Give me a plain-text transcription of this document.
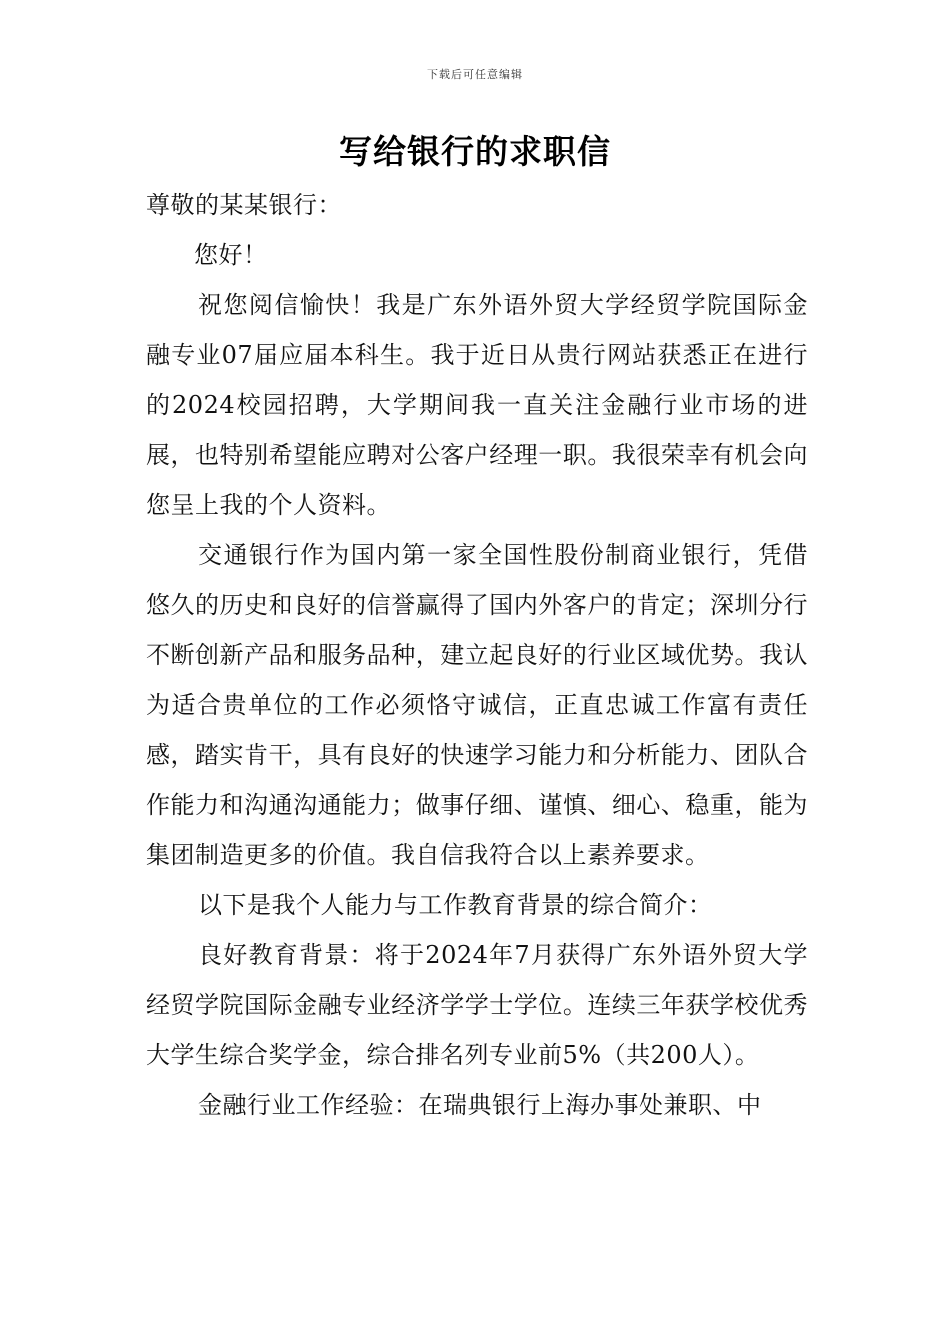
下载后可任意编辑
写给银行的求职信

尊敬的某某银行：

您好！

祝您阅信愉快！我是广东外语外贸大学经贸学院国际金融专业07届应届本科生。我于近日从贵行网站获悉正在进行的2024校园招聘，大学期间我一直关注金融行业市场的进展，也特别希望能应聘对公客户经理一职。我很荣幸有机会向您呈上我的个人资料。

交通银行作为国内第一家全国性股份制商业银行，凭借悠久的历史和良好的信誉赢得了国内外客户的肯定；深圳分行不断创新产品和服务品种，建立起良好的行业区域优势。我认为适合贵单位的工作必须恪守诚信，正直忠诚工作富有责任感，踏实肯干，具有良好的快速学习能力和分析能力、团队合作能力和沟通沟通能力；做事仔细、谨慎、细心、稳重，能为集团制造更多的价值。我自信我符合以上素养要求。

以下是我个人能力与工作教育背景的综合简介：

良好教育背景：将于2024年7月获得广东外语外贸大学经贸学院国际金融专业经济学学士学位。连续三年获学校优秀大学生综合奖学金，综合排名列专业前5%（共200人）。

金融行业工作经验：在瑞典银行上海办事处兼职、中
